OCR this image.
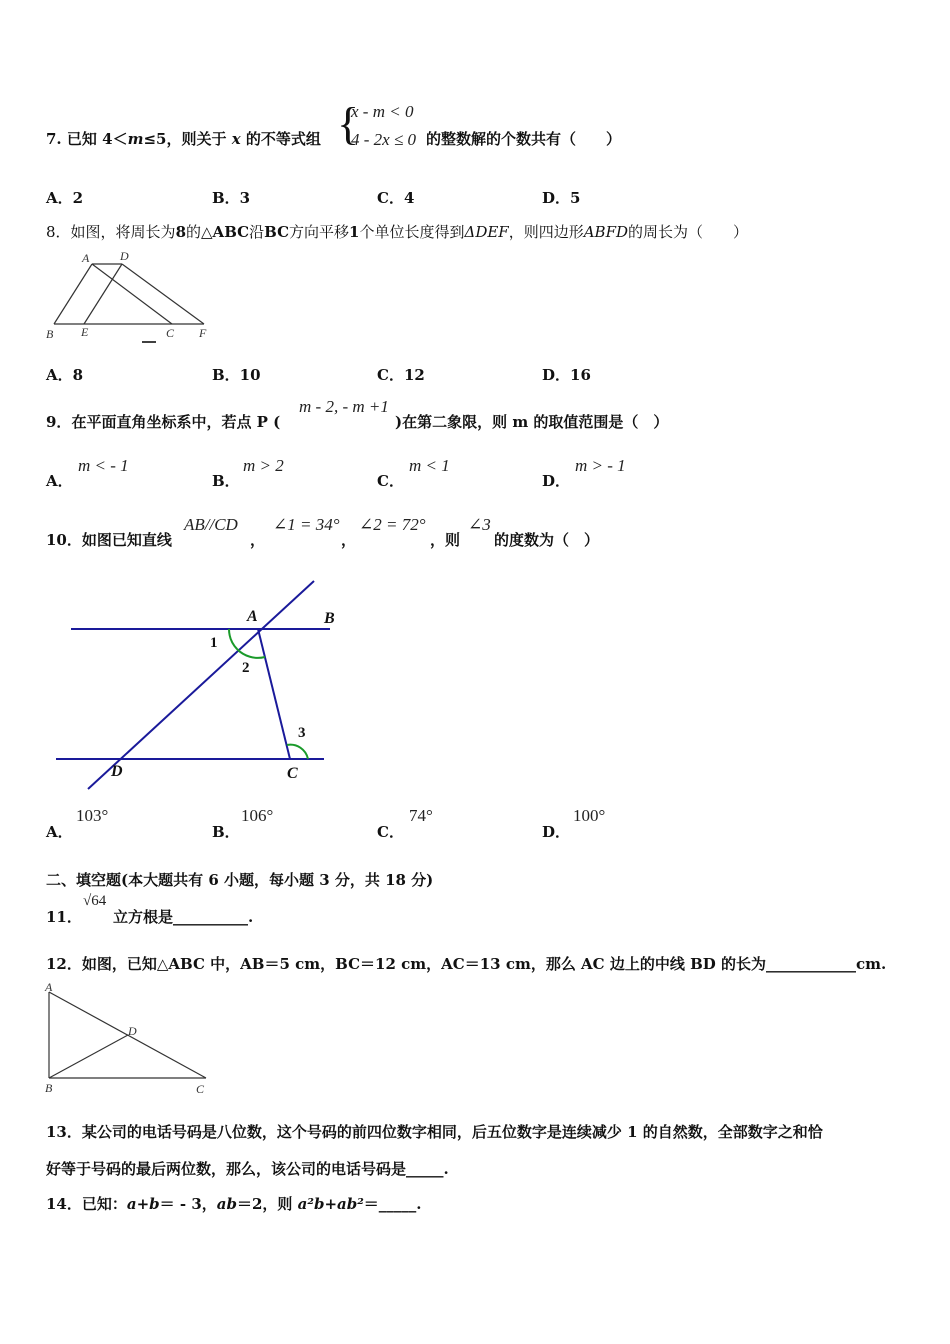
7. 已知 4＜m≤5，则关于 x 的不等式组 {
x - m < 0
4 - 2x ≤ 0 的整数解的个数共有（　　）
A．2	B．3	C．4	D．5
8．如图，将周长为8的△ABC沿BC方向平移1个单位长度得到ΔDEF，则四边形ABFD的周长为（　　）
A	D
B E	C F
A．8	B．10	C．12	D．16
9．在平面直角坐标系中，若点 P (
m - 2, - m +1
)在第二象限，则 m 的取值范围是（　）
A．
m < - 1
B．
m > 2
C．
m < 1
D．
m > - 1
10．如图已知直线
AB//CD
，
∠1 = 34°
，
∠2 = 72°
，则
∠3
的度数为（　）
A	B
1
2
3
D	C
A．
103°
B．
106°
C．
74°
D．
100°
二、填空题(本大题共有 6 小题，每小题 3 分，共 18 分)
11．
√64
立方根是__________.
12．如图，已知△ABC 中，AB＝5 cm，BC＝12 cm，AC＝13 cm，那么 AC 边上的中线 BD 的长为____________cm.
A
D
B	C
13．某公司的电话号码是八位数，这个号码的前四位数字相同，后五位数字是连续减少 1 的自然数，全部数字之和恰
好等于号码的最后两位数，那么，该公司的电话号码是_____.
14．已知：a+b＝ - 3，ab＝2，则 a²b+ab²＝_____.
